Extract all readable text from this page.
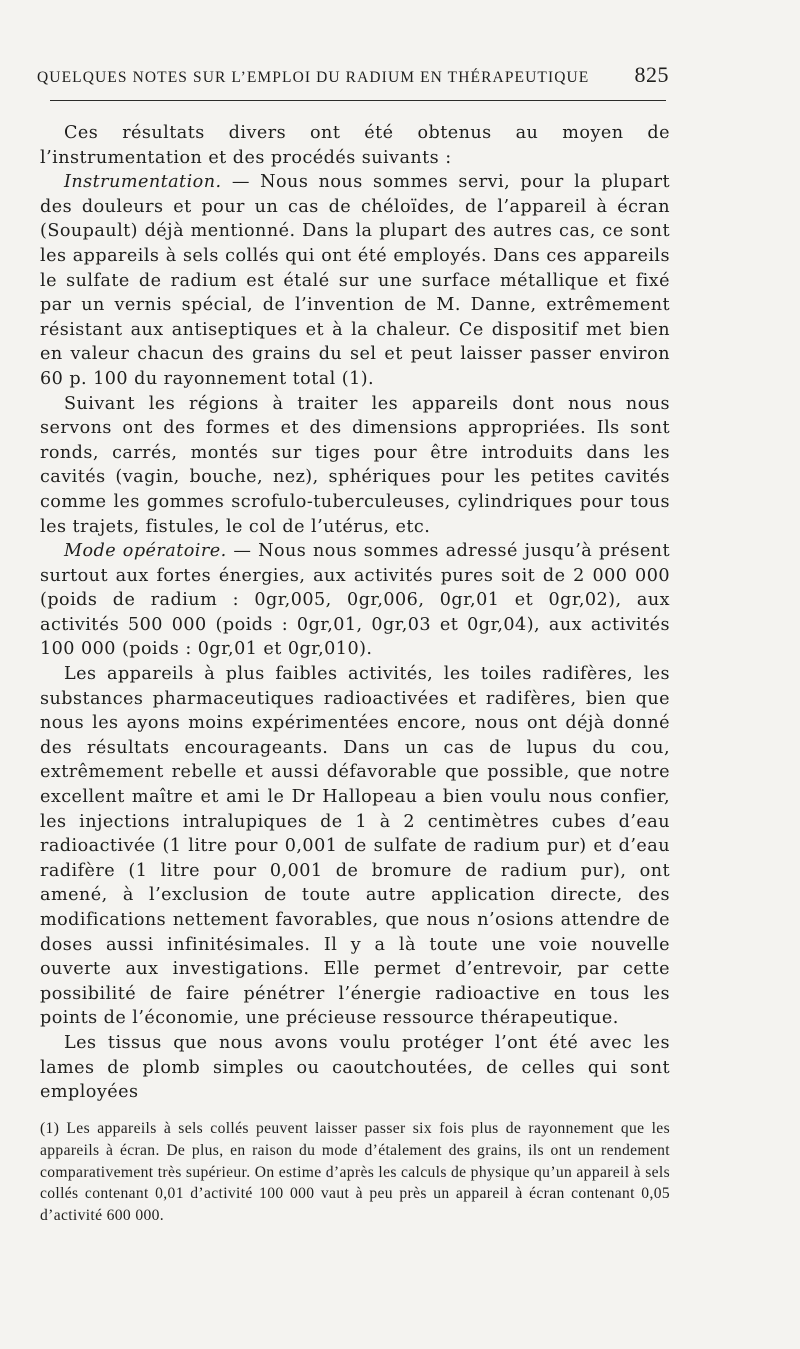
QUELQUES NOTES SUR L’EMPLOI DU RADIUM EN THÉRAPEUTIQUE 825

Ces résultats divers ont été obtenus au moyen de l’instrumentation et des procédés suivants :

Instrumentation. — Nous nous sommes servi, pour la plupart des douleurs et pour un cas de chéloïdes, de l’appareil à écran (Soupault) déjà mentionné. Dans la plupart des autres cas, ce sont les appareils à sels collés qui ont été employés. Dans ces appareils le sulfate de radium est étalé sur une surface métallique et fixé par un vernis spécial, de l’invention de M. Danne, extrêmement résistant aux antiseptiques et à la chaleur. Ce dispositif met bien en valeur chacun des grains du sel et peut laisser passer environ 60 p. 100 du rayonnement total (1).

Suivant les régions à traiter les appareils dont nous nous servons ont des formes et des dimensions appropriées. Ils sont ronds, carrés, montés sur tiges pour être introduits dans les cavités (vagin, bouche, nez), sphériques pour les petites cavités comme les gommes scrofulo-tuberculeuses, cylindriques pour tous les trajets, fistules, le col de l’utérus, etc.

Mode opératoire. — Nous nous sommes adressé jusqu’à présent surtout aux fortes énergies, aux activités pures soit de 2 000 000 (poids de radium : 0gr,005, 0gr,006, 0gr,01 et 0gr,02), aux activités 500 000 (poids : 0gr,01, 0gr,03 et 0gr,04), aux activités 100 000 (poids : 0gr,01 et 0gr,010).

Les appareils à plus faibles activités, les toiles radifères, les substances pharmaceutiques radioactivées et radifères, bien que nous les ayons moins expérimentées encore, nous ont déjà donné des résultats encourageants. Dans un cas de lupus du cou, extrêmement rebelle et aussi défavorable que possible, que notre excellent maître et ami le Dr Hallopeau a bien voulu nous confier, les injections intralupiques de 1 à 2 centimètres cubes d’eau radioactivée (1 litre pour 0,001 de sulfate de radium pur) et d’eau radifère (1 litre pour 0,001 de bromure de radium pur), ont amené, à l’exclusion de toute autre application directe, des modifications nettement favorables, que nous n’osions attendre de doses aussi infinitésimales. Il y a là toute une voie nouvelle ouverte aux investigations. Elle permet d’entrevoir, par cette possibilité de faire pénétrer l’énergie radioactive en tous les points de l’économie, une précieuse ressource thérapeutique.

Les tissus que nous avons voulu protéger l’ont été avec les lames de plomb simples ou caoutchoutées, de celles qui sont employées

(1) Les appareils à sels collés peuvent laisser passer six fois plus de rayonnement que les appareils à écran. De plus, en raison du mode d’étalement des grains, ils ont un rendement comparativement très supérieur. On estime d’après les calculs de physique qu’un appareil à sels collés contenant 0,01 d’activité 100 000 vaut à peu près un appareil à écran contenant 0,05 d’activité 600 000.
